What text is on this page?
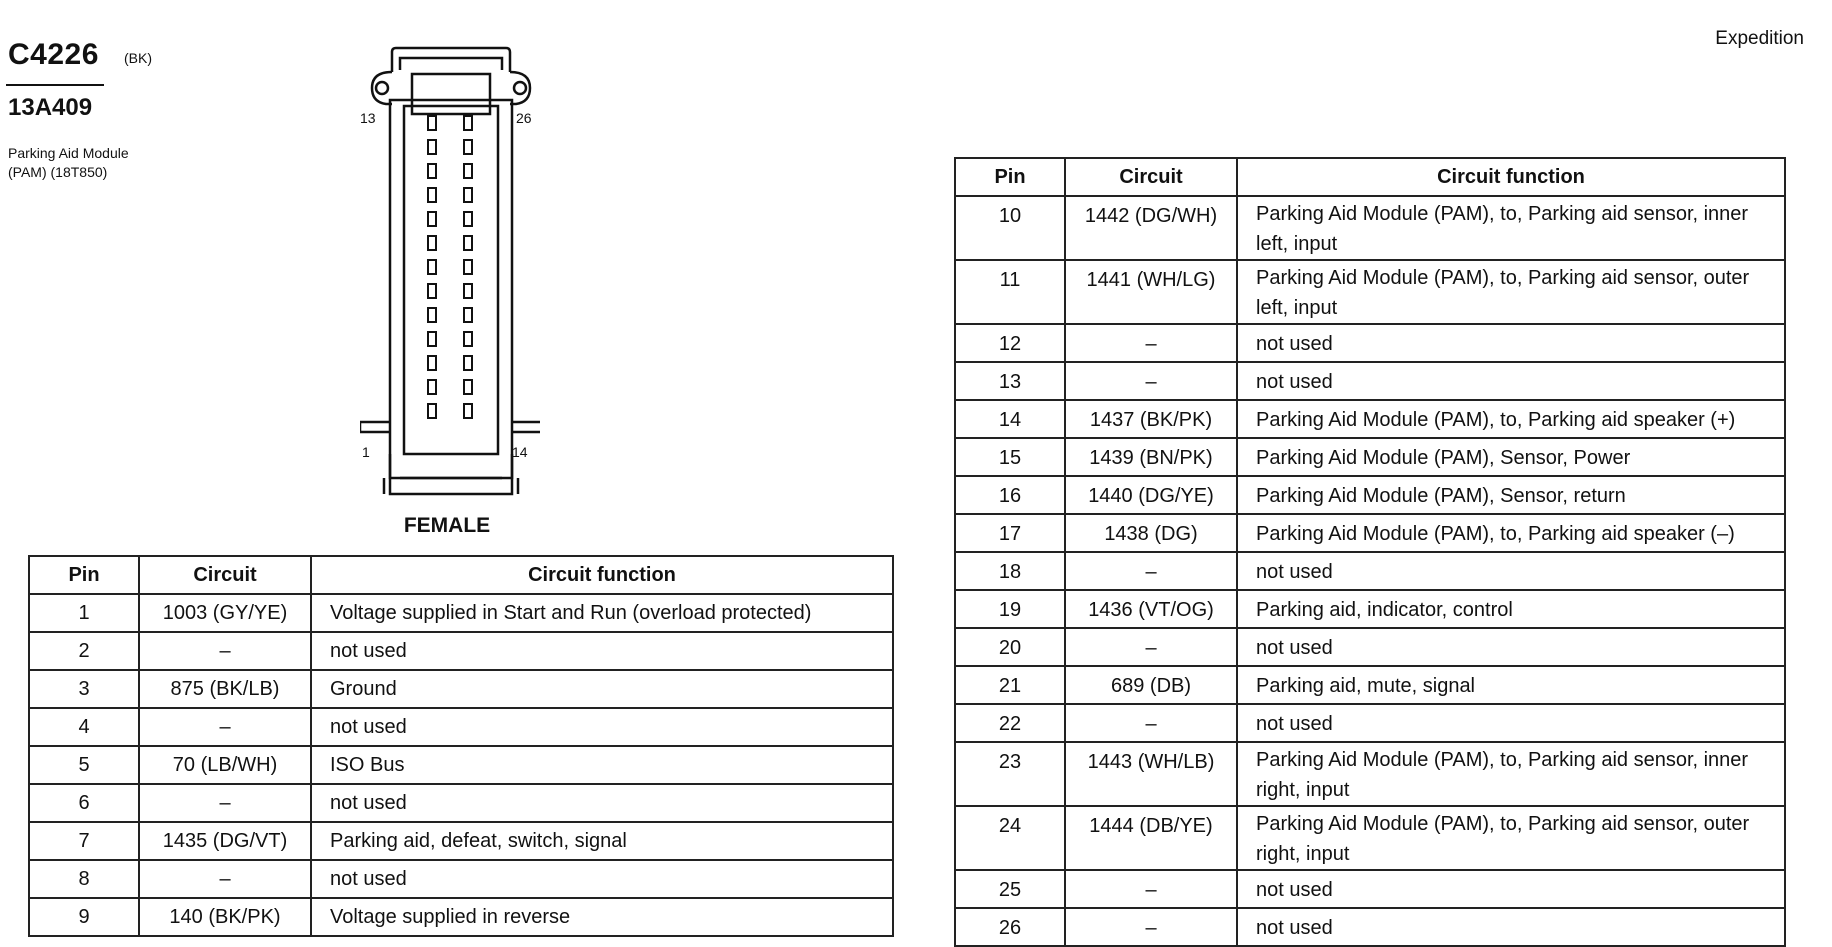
C4226 (BK)
13A409
Parking Aid Module
(PAM) (18T850)
Expedition
13	26
1	14
FEMALE
Pin	Circuit	Circuit function
1	1003 (GY/YE)	Voltage supplied in Start and Run (overload protected)
2	–	not used
3	875 (BK/LB)	Ground
4	–	not used
5	70 (LB/WH)	ISO Bus
6	–	not used
7	1435 (DG/VT)	Parking aid, defeat, switch, signal
8	–	not used
9	140 (BK/PK)	Voltage supplied in reverse
Pin	Circuit	Circuit function
10	1442 (DG/WH)	Parking Aid Module (PAM), to, Parking aid sensor, inner left, input
11	1441 (WH/LG)	Parking Aid Module (PAM), to, Parking aid sensor, outer left, input
12	–	not used
13	–	not used
14	1437 (BK/PK)	Parking Aid Module (PAM), to, Parking aid speaker (+)
15	1439 (BN/PK)	Parking Aid Module (PAM), Sensor, Power
16	1440 (DG/YE)	Parking Aid Module (PAM), Sensor, return
17	1438 (DG)	Parking Aid Module (PAM), to, Parking aid speaker (–)
18	–	not used
19	1436 (VT/OG)	Parking aid, indicator, control
20	–	not used
21	689 (DB)	Parking aid, mute, signal
22	–	not used
23	1443 (WH/LB)	Parking Aid Module (PAM), to, Parking aid sensor, inner right, input
24	1444 (DB/YE)	Parking Aid Module (PAM), to, Parking aid sensor, outer right, input
25	–	not used
26	–	not used
